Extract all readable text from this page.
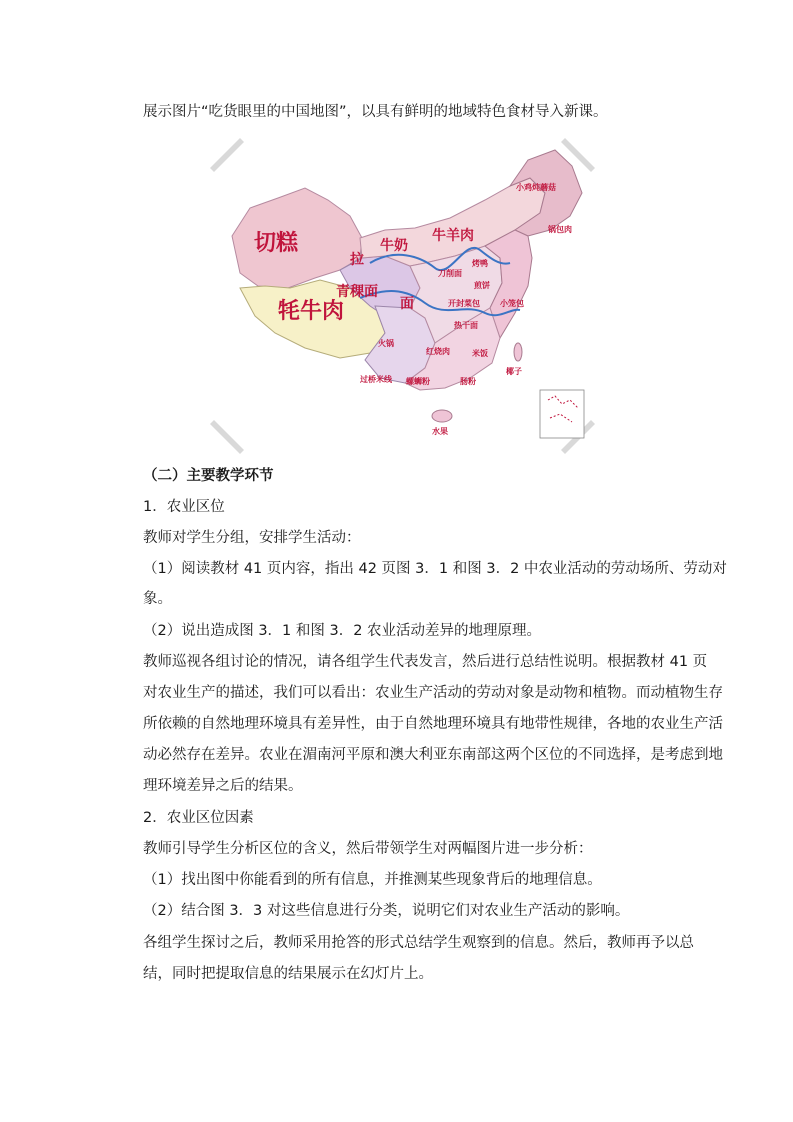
展示图片“吃货眼里的中国地图”，以具有鲜明的地域特色食材导入新课。

切糕
拉
牛奶
青稞面
面
牦牛肉
火锅
牛羊肉
小鸡炖蘑菇
锅包肉
烤鸭
刀削面
煎饼
开封菜包
热干面
小笼包
过桥米线 螺蛳粉	肠粉
红烧肉	米饭
水果
椰子

（二）主要教学环节

1．农业区位

教师对学生分组，安排学生活动：

（1）阅读教材 41 页内容，指出 42 页图 3．1 和图 3．2 中农业活动的劳动场所、劳动对

象。

（2）说出造成图 3．1 和图 3．2 农业活动差异的地理原理。

教师巡视各组讨论的情况，请各组学生代表发言，然后进行总结性说明。根据教材 41 页

对农业生产的描述，我们可以看出：农业生产活动的劳动对象是动物和植物。而动植物生存

所依赖的自然地理环境具有差异性，由于自然地理环境具有地带性规律，各地的农业生产活

动必然存在差异。农业在湄南河平原和澳大利亚东南部这两个区位的不同选择，是考虑到地

理环境差异之后的结果。

2．农业区位因素

教师引导学生分析区位的含义，然后带领学生对两幅图片进一步分析：

（1）找出图中你能看到的所有信息，并推测某些现象背后的地理信息。

（2）结合图 3．3 对这些信息进行分类，说明它们对农业生产活动的影响。

各组学生探讨之后，教师采用抢答的形式总结学生观察到的信息。然后，教师再予以总

结，同时把提取信息的结果展示在幻灯片上。
